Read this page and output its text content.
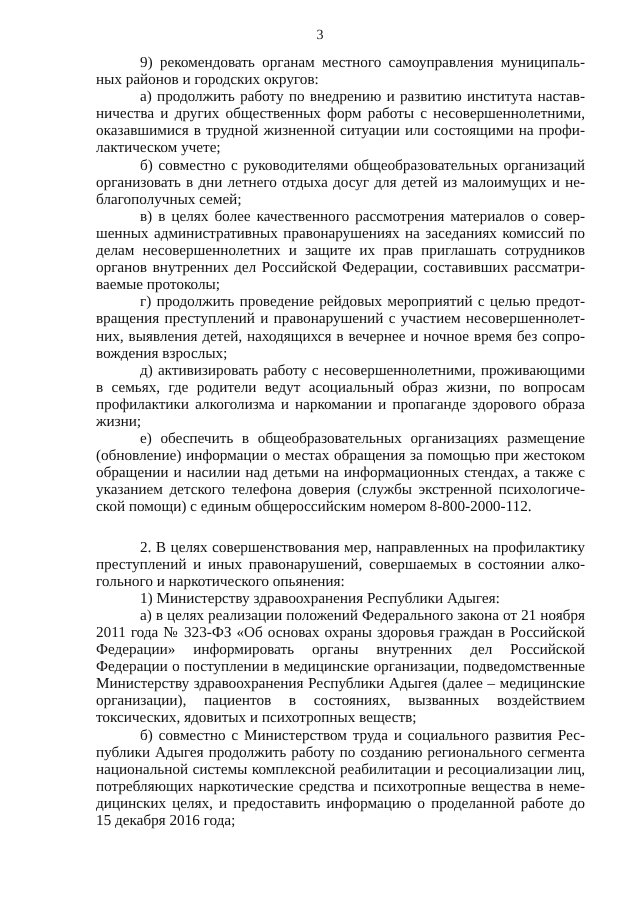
3

9) рекомендовать органам местного самоуправления муниципальных районов и городских округов:

а) продолжить работу по внедрению и развитию института наставничества и других общественных форм работы с несовершеннолетними, оказавшимися в трудной жизненной ситуации или состоящими на профилактическом учете;

б) совместно с руководителями общеобразовательных организаций организовать в дни летнего отдыха досуг для детей из малоимущих и неблагополучных семей;

в) в целях более качественного рассмотрения материалов о совершенных административных правонарушениях на заседаниях комиссий по делам несовершеннолетних и защите их прав приглашать сотрудников органов внутренних дел Российской Федерации, составивших рассматриваемые протоколы;

г) продолжить проведение рейдовых мероприятий с целью предотвращения преступлений и правонарушений с участием несовершеннолетних, выявления детей, находящихся в вечернее и ночное время без сопровождения взрослых;

д) активизировать работу с несовершеннолетними, проживающими в семьях, где родители ведут асоциальный образ жизни, по вопросам профилактики алкоголизма и наркомании и пропаганде здорового образа жизни;

е) обеспечить в общеобразовательных организациях размещение (обновление) информации о местах обращения за помощью при жестоком обращении и насилии над детьми на информационных стендах, а также с указанием детского телефона доверия (службы экстренной психологической помощи) с единым общероссийским номером 8-800-2000-112.

2. В целях совершенствования мер, направленных на профилактику преступлений и иных правонарушений, совершаемых в состоянии алкогольного и наркотического опьянения:

1) Министерству здравоохранения Республики Адыгея:

а) в целях реализации положений Федерального закона от 21 ноября 2011 года № 323-ФЗ «Об основах охраны здоровья граждан в Российской Федерации» информировать органы внутренних дел Российской Федерации о поступлении в медицинские организации, подведомственные Министерству здравоохранения Республики Адыгея (далее – медицинские организации), пациентов в состояниях, вызванных воздействием токсических, ядовитых и психотропных веществ;

б) совместно с Министерством труда и социального развития Республики Адыгея продолжить работу по созданию регионального сегмента национальной системы комплексной реабилитации и ресоциализации лиц, потребляющих наркотические средства и психотропные вещества в немедицинских целях, и предоставить информацию о проделанной работе до 15 декабря 2016 года;
